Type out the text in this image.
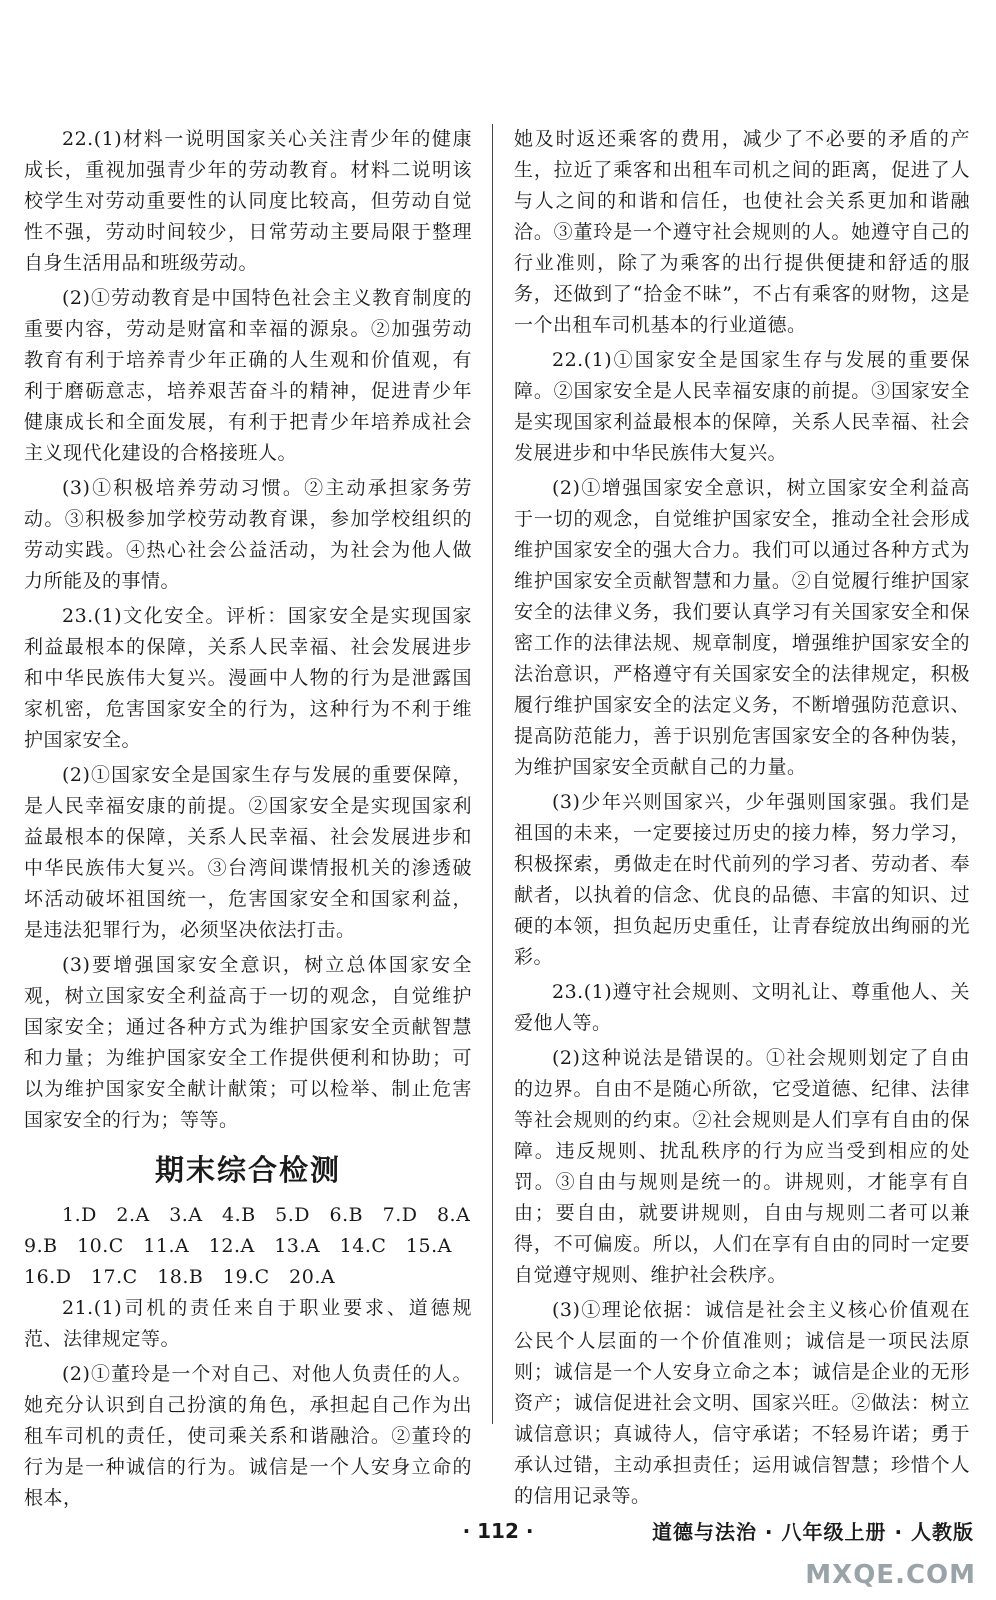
22.(1)材料一说明国家关心关注青少年的健康成长，重视加强青少年的劳动教育。材料二说明该校学生对劳动重要性的认同度比较高，但劳动自觉性不强，劳动时间较少，日常劳动主要局限于整理自身生活用品和班级劳动。

(2)①劳动教育是中国特色社会主义教育制度的重要内容，劳动是财富和幸福的源泉。②加强劳动教育有利于培养青少年正确的人生观和价值观，有利于磨砺意志，培养艰苦奋斗的精神，促进青少年健康成长和全面发展，有利于把青少年培养成社会主义现代化建设的合格接班人。

(3)①积极培养劳动习惯。②主动承担家务劳动。③积极参加学校劳动教育课，参加学校组织的劳动实践。④热心社会公益活动，为社会为他人做力所能及的事情。

23.(1)文化安全。评析：国家安全是实现国家利益最根本的保障，关系人民幸福、社会发展进步和中华民族伟大复兴。漫画中人物的行为是泄露国家机密，危害国家安全的行为，这种行为不利于维护国家安全。

(2)①国家安全是国家生存与发展的重要保障，是人民幸福安康的前提。②国家安全是实现国家利益最根本的保障，关系人民幸福、社会发展进步和中华民族伟大复兴。③台湾间谍情报机关的渗透破坏活动破坏祖国统一，危害国家安全和国家利益，是违法犯罪行为，必须坚决依法打击。

(3)要增强国家安全意识，树立总体国家安全观，树立国家安全利益高于一切的观念，自觉维护国家安全；通过各种方式为维护国家安全贡献智慧和力量；为维护国家安全工作提供便利和协助；可以为维护国家安全献计献策；可以检举、制止危害国家安全的行为；等等。

期末综合检测

1.D　2.A　3.A　4.B　5.D　6.B　7.D　8.A

9.B　10.C　11.A　12.A　13.A　14.C　15.A

16.D　17.C　18.B　19.C　20.A

21.(1)司机的责任来自于职业要求、道德规范、法律规定等。

(2)①董玲是一个对自己、对他人负责任的人。她充分认识到自己扮演的角色，承担起自己作为出租车司机的责任，使司乘关系和谐融洽。②董玲的行为是一种诚信的行为。诚信是一个人安身立命的根本，

她及时返还乘客的费用，减少了不必要的矛盾的产生，拉近了乘客和出租车司机之间的距离，促进了人与人之间的和谐和信任，也使社会关系更加和谐融洽。③董玲是一个遵守社会规则的人。她遵守自己的行业准则，除了为乘客的出行提供便捷和舒适的服务，还做到了“拾金不昧”，不占有乘客的财物，这是一个出租车司机基本的行业道德。

22.(1)①国家安全是国家生存与发展的重要保障。②国家安全是人民幸福安康的前提。③国家安全是实现国家利益最根本的保障，关系人民幸福、社会发展进步和中华民族伟大复兴。

(2)①增强国家安全意识，树立国家安全利益高于一切的观念，自觉维护国家安全，推动全社会形成维护国家安全的强大合力。我们可以通过各种方式为维护国家安全贡献智慧和力量。②自觉履行维护国家安全的法律义务，我们要认真学习有关国家安全和保密工作的法律法规、规章制度，增强维护国家安全的法治意识，严格遵守有关国家安全的法律规定，积极履行维护国家安全的法定义务，不断增强防范意识、提高防范能力，善于识别危害国家安全的各种伪装，为维护国家安全贡献自己的力量。

(3)少年兴则国家兴，少年强则国家强。我们是祖国的未来，一定要接过历史的接力棒，努力学习，积极探索，勇做走在时代前列的学习者、劳动者、奉献者，以执着的信念、优良的品德、丰富的知识、过硬的本领，担负起历史重任，让青春绽放出绚丽的光彩。

23.(1)遵守社会规则、文明礼让、尊重他人、关爱他人等。

(2)这种说法是错误的。①社会规则划定了自由的边界。自由不是随心所欲，它受道德、纪律、法律等社会规则的约束。②社会规则是人们享有自由的保障。违反规则、扰乱秩序的行为应当受到相应的处罚。③自由与规则是统一的。讲规则，才能享有自由；要自由，就要讲规则，自由与规则二者可以兼得，不可偏废。所以，人们在享有自由的同时一定要自觉遵守规则、维护社会秩序。

(3)①理论依据：诚信是社会主义核心价值观在公民个人层面的一个价值准则；诚信是一项民法原则；诚信是一个人安身立命之本；诚信是企业的无形资产；诚信促进社会文明、国家兴旺。②做法：树立诚信意识；真诚待人，信守承诺；不轻易许诺；勇于承认过错，主动承担责任；运用诚信智慧；珍惜个人的信用记录等。

· 112 ·	道德与法治 · 八年级上册 · 人教版
MXQE.COM
